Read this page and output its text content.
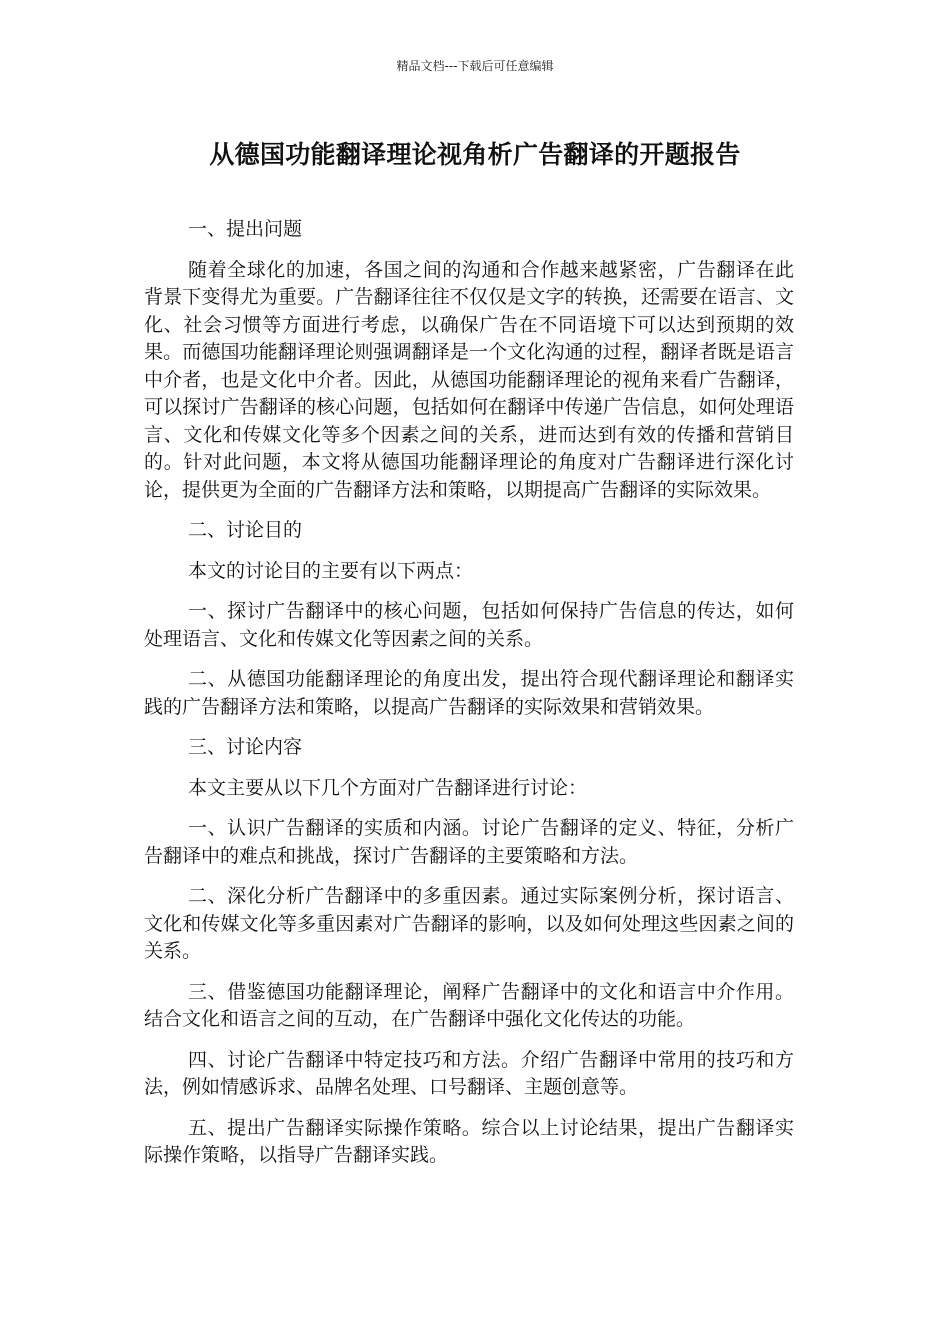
精品文档---下载后可任意编辑
从德国功能翻译理论视角析广告翻译的开题报告

一、提出问题

随着全球化的加速，各国之间的沟通和合作越来越紧密，广告翻译在此背景下变得尤为重要。广告翻译往往不仅仅是文字的转换，还需要在语言、文化、社会习惯等方面进行考虑，以确保广告在不同语境下可以达到预期的效果。而德国功能翻译理论则强调翻译是一个文化沟通的过程，翻译者既是语言中介者，也是文化中介者。因此，从德国功能翻译理论的视角来看广告翻译，可以探讨广告翻译的核心问题，包括如何在翻译中传递广告信息，如何处理语言、文化和传媒文化等多个因素之间的关系，进而达到有效的传播和营销目的。针对此问题，本文将从德国功能翻译理论的角度对广告翻译进行深化讨论，提供更为全面的广告翻译方法和策略，以期提高广告翻译的实际效果。

二、讨论目的

本文的讨论目的主要有以下两点：

一、探讨广告翻译中的核心问题，包括如何保持广告信息的传达，如何处理语言、文化和传媒文化等因素之间的关系。

二、从德国功能翻译理论的角度出发，提出符合现代翻译理论和翻译实践的广告翻译方法和策略，以提高广告翻译的实际效果和营销效果。

三、讨论内容

本文主要从以下几个方面对广告翻译进行讨论：

一、认识广告翻译的实质和内涵。讨论广告翻译的定义、特征，分析广告翻译中的难点和挑战，探讨广告翻译的主要策略和方法。

二、深化分析广告翻译中的多重因素。通过实际案例分析，探讨语言、文化和传媒文化等多重因素对广告翻译的影响，以及如何处理这些因素之间的关系。

三、借鉴德国功能翻译理论，阐释广告翻译中的文化和语言中介作用。结合文化和语言之间的互动，在广告翻译中强化文化传达的功能。

四、讨论广告翻译中特定技巧和方法。介绍广告翻译中常用的技巧和方法，例如情感诉求、品牌名处理、口号翻译、主题创意等。

五、提出广告翻译实际操作策略。综合以上讨论结果，提出广告翻译实际操作策略，以指导广告翻译实践。
